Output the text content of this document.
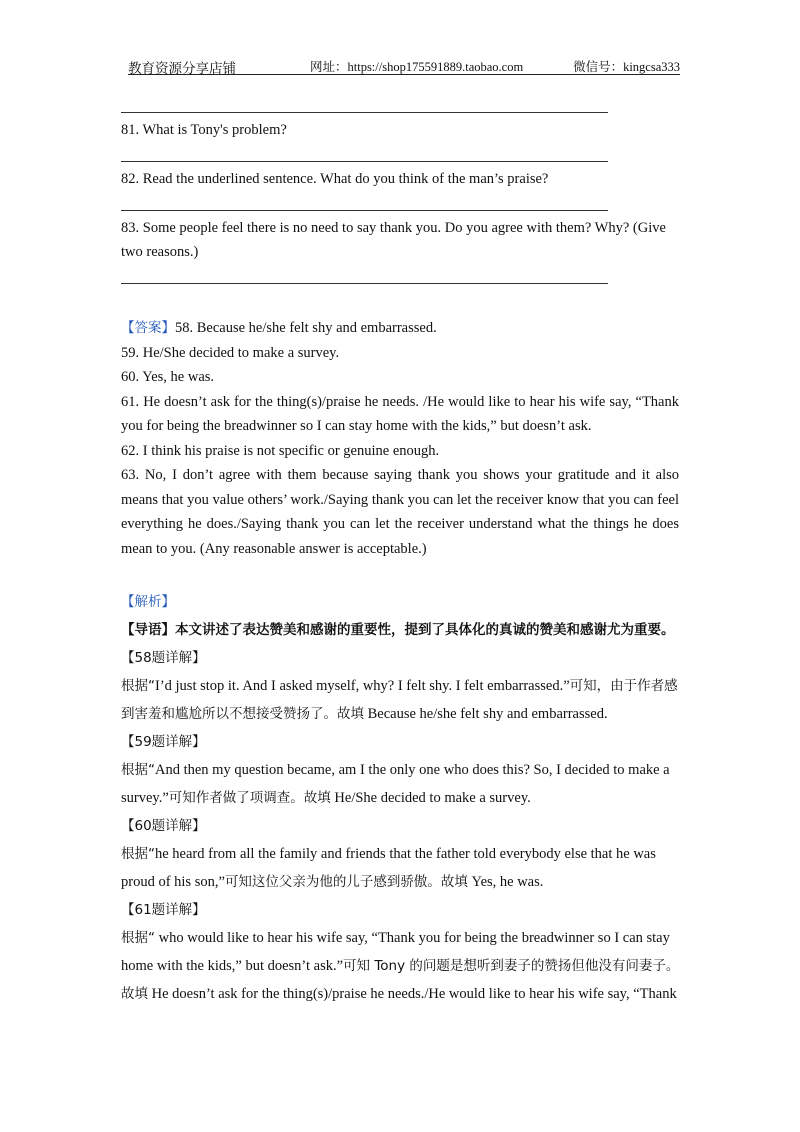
教育资源分享店铺	网址：https://shop175591889.taobao.com	微信号：kingcsa333
81. What is Tony's problem?
82. Read the underlined sentence. What do you think of the man’s praise?
83. Some people feel there is no need to say thank you. Do you agree with them? Why? (Give two reasons.)

【答案】58. Because he/she felt shy and embarrassed.

59. He/She decided to make a survey.

60. Yes, he was.

61. He doesn’t ask for the thing(s)/praise he needs. /He would like to hear his wife say, “Thank you for being the breadwinner so I can stay home with the kids,” but doesn’t ask.

62. I think his praise is not specific or genuine enough.

63. No, I don’t agree with them because saying thank you shows your gratitude and it also means that you value others’ work./Saying thank you can let the receiver know that you can feel everything he does./Saying thank you can let the receiver understand what the things he does mean to you. (Any reasonable answer is acceptable.)

【解析】

【导语】本文讲述了表达赞美和感谢的重要性，提到了具体化的真诚的赞美和感谢尤为重要。

【58题详解】

根据“I’d just stop it. And I asked myself, why? I felt shy. I felt embarrassed.”可知，由于作者感到害羞和尴尬所以不想接受赞扬了。故填 Because he/she felt shy and embarrassed.

【59题详解】

根据“And then my question became, am I the only one who does this? So, I decided to make a survey.”可知作者做了项调查。故填 He/She decided to make a survey.

【60题详解】

根据“he heard from all the family and friends that the father told everybody else that he was proud of his son,”可知这位父亲为他的儿子感到骄傲。故填 Yes, he was.

【61题详解】

根据“ who would like to hear his wife say, “Thank you for being the breadwinner so I can stay home with the kids,” but doesn’t ask.”可知 Tony 的问题是想听到妻子的赞扬但他没有问妻子。故填 He doesn’t ask for the thing(s)/praise he needs./He would like to hear his wife say, “Thank
